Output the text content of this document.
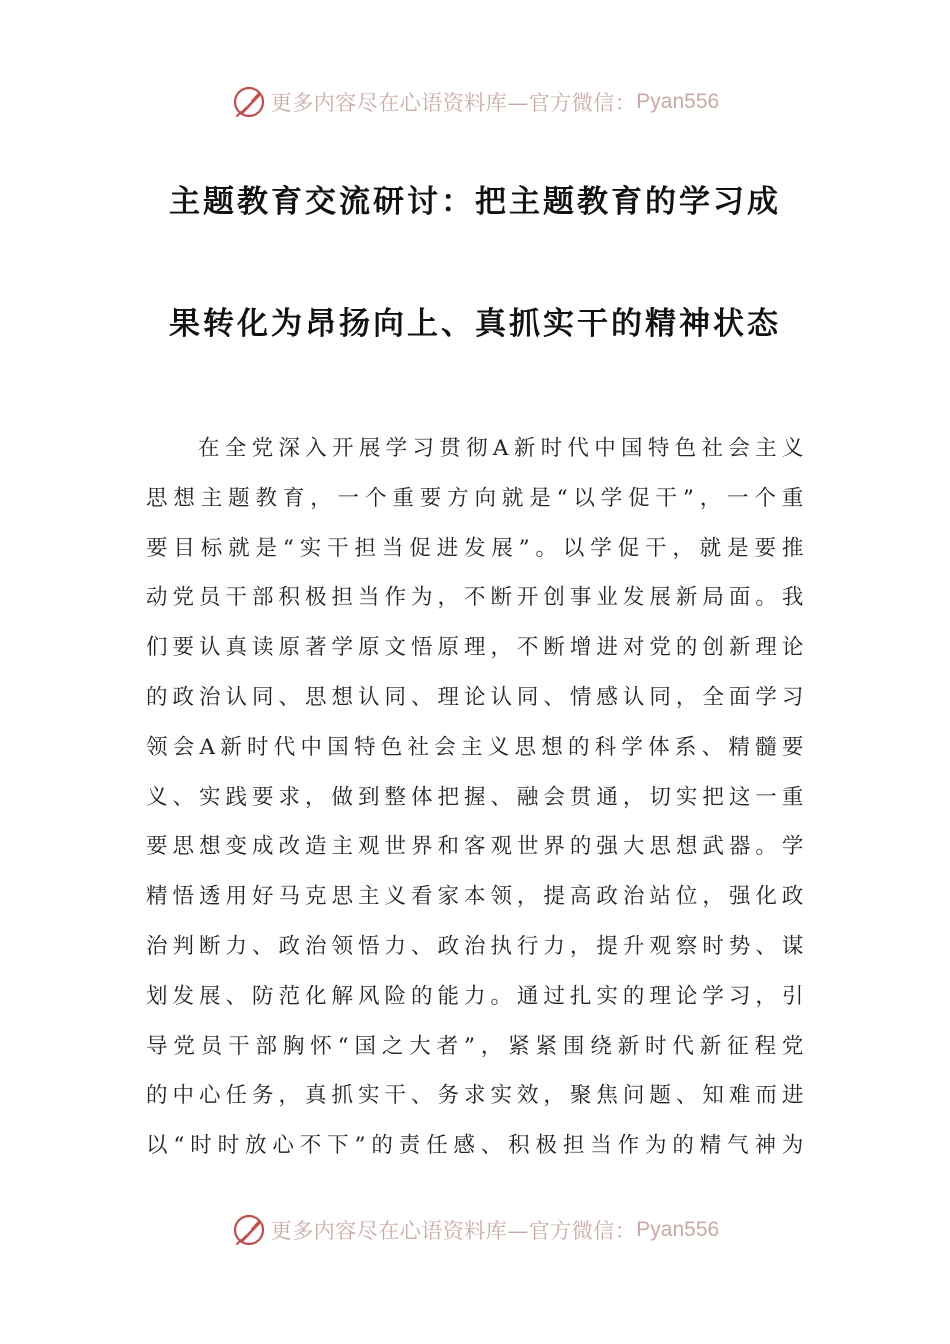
更多内容尽在心语资料库—官方微信： Pyan556
主题教育交流研讨：把主题教育的学习成
果转化为昂扬向上、真抓实干的精神状态
在全党深入开展学习贯彻A新时代中国特色社会主义
思想主题教育，一个重要方向就是“以学促干”，一个重
要目标就是“实干担当促进发展”。以学促干，就是要推
动党员干部积极担当作为，不断开创事业发展新局面。我
们要认真读原著学原文悟原理，不断增进对党的创新理论
的政治认同、思想认同、理论认同、情感认同，全面学习
领会A新时代中国特色社会主义思想的科学体系、精髓要
义、实践要求，做到整体把握、融会贯通，切实把这一重
要思想变成改造主观世界和客观世界的强大思想武器。学
精悟透用好马克思主义看家本领，提高政治站位，强化政
治判断力、政治领悟力、政治执行力，提升观察时势、谋
划发展、防范化解风险的能力。通过扎实的理论学习，引
导党员干部胸怀“国之大者”，紧紧围绕新时代新征程党
的中心任务，真抓实干、务求实效，聚焦问题、知难而进
以“时时放心不下”的责任感、积极担当作为的精气神为
更多内容尽在心语资料库—官方微信： Pyan556
